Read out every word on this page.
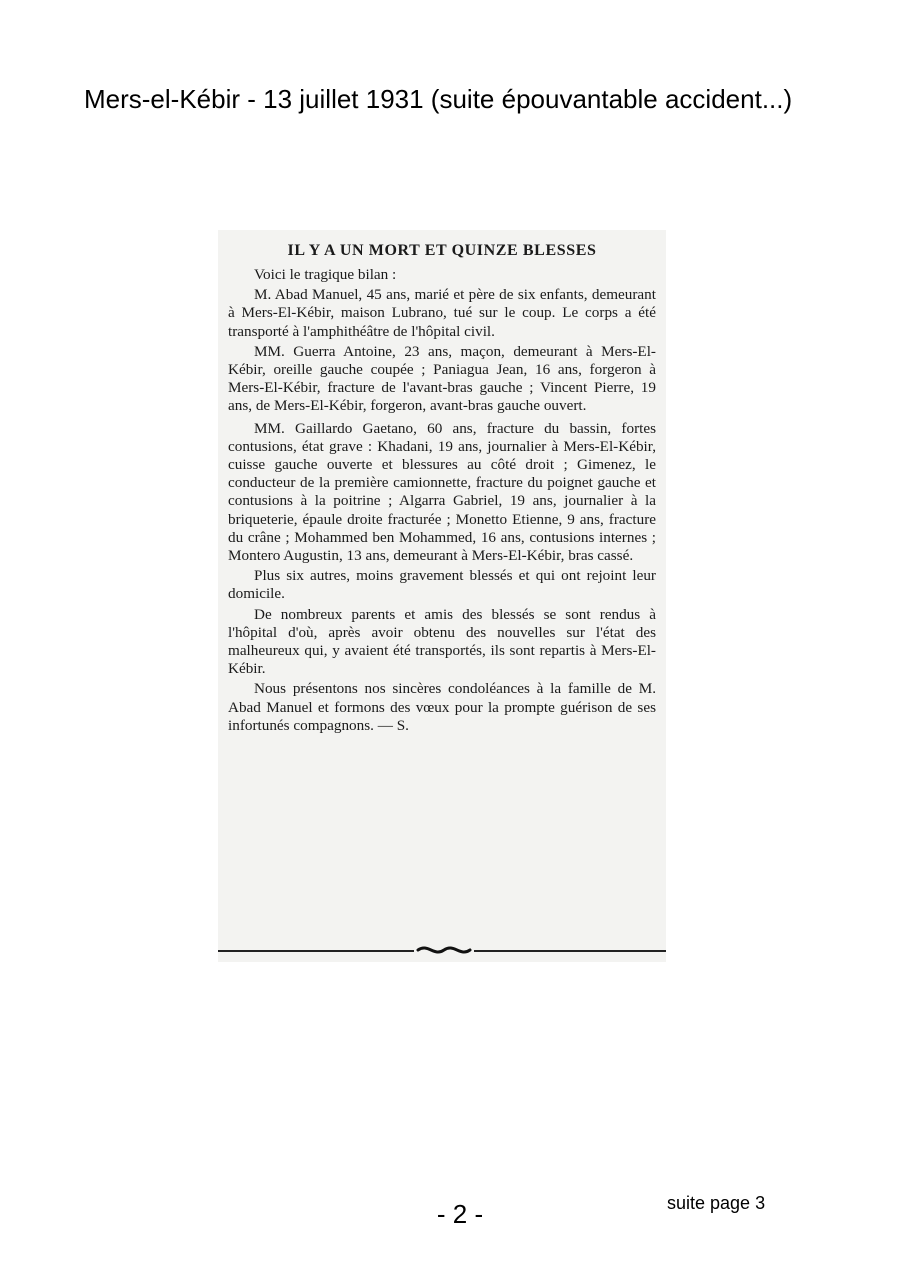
Mers-el-Kébir - 13 juillet 1931 (suite épouvantable accident...)
IL Y A UN MORT ET QUINZE BLESSES

Voici le tragique bilan :

M. Abad Manuel, 45 ans, marié et père de six enfants, demeurant à Mers-El-Kébir, maison Lubrano, tué sur le coup. Le corps a été transporté à l'amphithéâtre de l'hôpital civil.

MM. Guerra Antoine, 23 ans, maçon, demeurant à Mers-El-Kébir, oreille gauche coupée ; Paniagua Jean, 16 ans, forgeron à Mers-El-Kébir, fracture de l'avant-bras gauche ; Vincent Pierre, 19 ans, de Mers-El-Kébir, forgeron, avant-bras gauche ouvert.

MM. Gaillardo Gaetano, 60 ans, fracture du bassin, fortes contusions, état grave : Khadani, 19 ans, journalier à Mers-El-Kébir, cuisse gauche ouverte et blessures au côté droit ; Gimenez, le conducteur de la première camionnette, fracture du poignet gauche et contusions à la poitrine ; Algarra Gabriel, 19 ans, journalier à la briqueterie, épaule droite fracturée ; Monetto Etienne, 9 ans, fracture du crâne ; Mohammed ben Mohammed, 16 ans, contusions internes ; Montero Augustin, 13 ans, demeurant à Mers-El-Kébir, bras cassé.

Plus six autres, moins gravement blessés et qui ont rejoint leur domicile.

De nombreux parents et amis des blessés se sont rendus à l'hôpital d'où, après avoir obtenu des nouvelles sur l'état des malheureux qui, y avaient été transportés, ils sont repartis à Mers-El-Kébir.

Nous présentons nos sincères condoléances à la famille de M. Abad Manuel et formons des vœux pour la prompte guérison de ses infortunés compagnons. — S.

- 2 -	suite page 3
